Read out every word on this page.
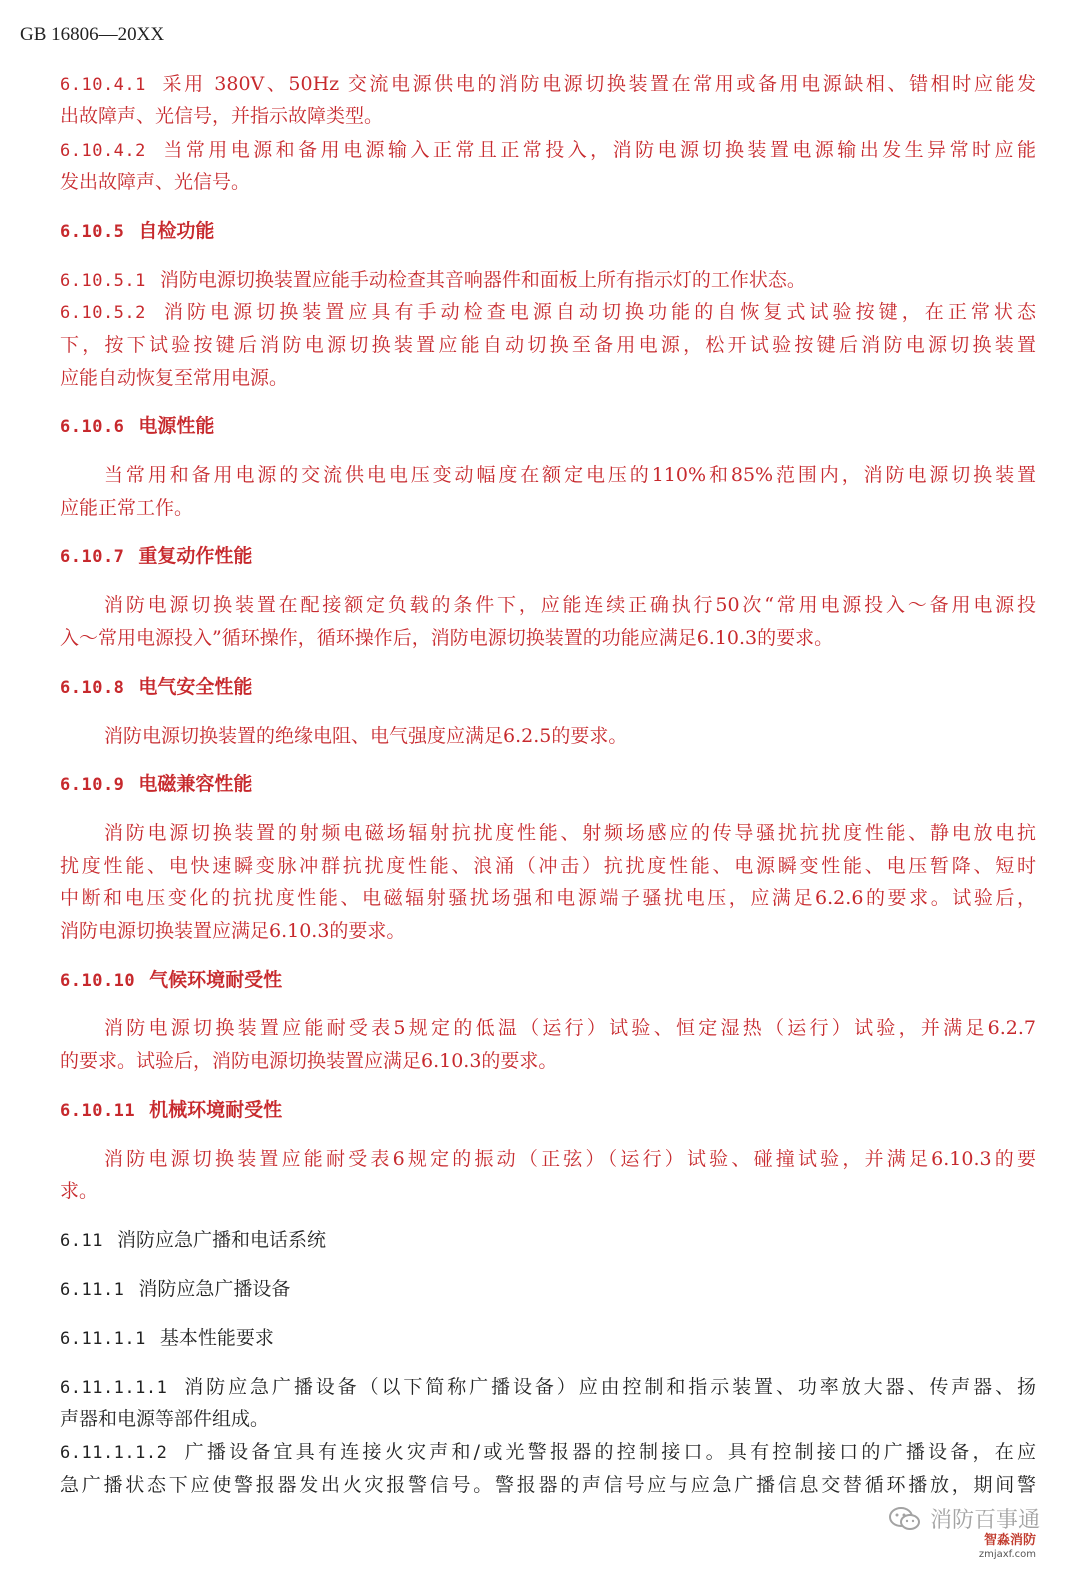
GB 16806—20XX
6.10.4.1 采用 380V、50Hz 交流电源供电的消防电源切换装置在常用或备用电源缺相、错相时应能发
出故障声、光信号，并指示故障类型。
6.10.4.2 当常用电源和备用电源输入正常且正常投入，消防电源切换装置电源输出发生异常时应能
发出故障声、光信号。
6.10.5 自检功能
6.10.5.1 消防电源切换装置应能手动检查其音响器件和面板上所有指示灯的工作状态。
6.10.5.2 消防电源切换装置应具有手动检查电源自动切换功能的自恢复式试验按键，在正常状态
下，按下试验按键后消防电源切换装置应能自动切换至备用电源，松开试验按键后消防电源切换装置
应能自动恢复至常用电源。
6.10.6 电源性能
当常用和备用电源的交流供电电压变动幅度在额定电压的110%和85%范围内，消防电源切换装置
应能正常工作。
6.10.7 重复动作性能
消防电源切换装置在配接额定负载的条件下，应能连续正确执行50次“常用电源投入～备用电源投
入～常用电源投入”循环操作，循环操作后，消防电源切换装置的功能应满足6.10.3的要求。
6.10.8 电气安全性能
消防电源切换装置的绝缘电阻、电气强度应满足6.2.5的要求。
6.10.9 电磁兼容性能
消防电源切换装置的射频电磁场辐射抗扰度性能、射频场感应的传导骚扰抗扰度性能、静电放电抗
扰度性能、电快速瞬变脉冲群抗扰度性能、浪涌（冲击）抗扰度性能、电源瞬变性能、电压暂降、短时
中断和电压变化的抗扰度性能、电磁辐射骚扰场强和电源端子骚扰电压，应满足6.2.6的要求。试验后，
消防电源切换装置应满足6.10.3的要求。
6.10.10 气候环境耐受性
消防电源切换装置应能耐受表5规定的低温（运行）试验、恒定湿热（运行）试验，并满足6.2.7
的要求。试验后，消防电源切换装置应满足6.10.3的要求。
6.10.11 机械环境耐受性
消防电源切换装置应能耐受表6规定的振动（正弦）（运行）试验、碰撞试验，并满足6.10.3的要
求。
6.11 消防应急广播和电话系统
6.11.1 消防应急广播设备
6.11.1.1 基本性能要求
6.11.1.1.1 消防应急广播设备（以下简称广播设备）应由控制和指示装置、功率放大器、传声器、扬
声器和电源等部件组成。
6.11.1.1.2 广播设备宜具有连接火灾声和/或光警报器的控制接口。具有控制接口的广播设备，在应
急广播状态下应使警报器发出火灾报警信号。警报器的声信号应与应急广播信息交替循环播放，期间警
消防百事通
智淼消防
zmjaxf.com
